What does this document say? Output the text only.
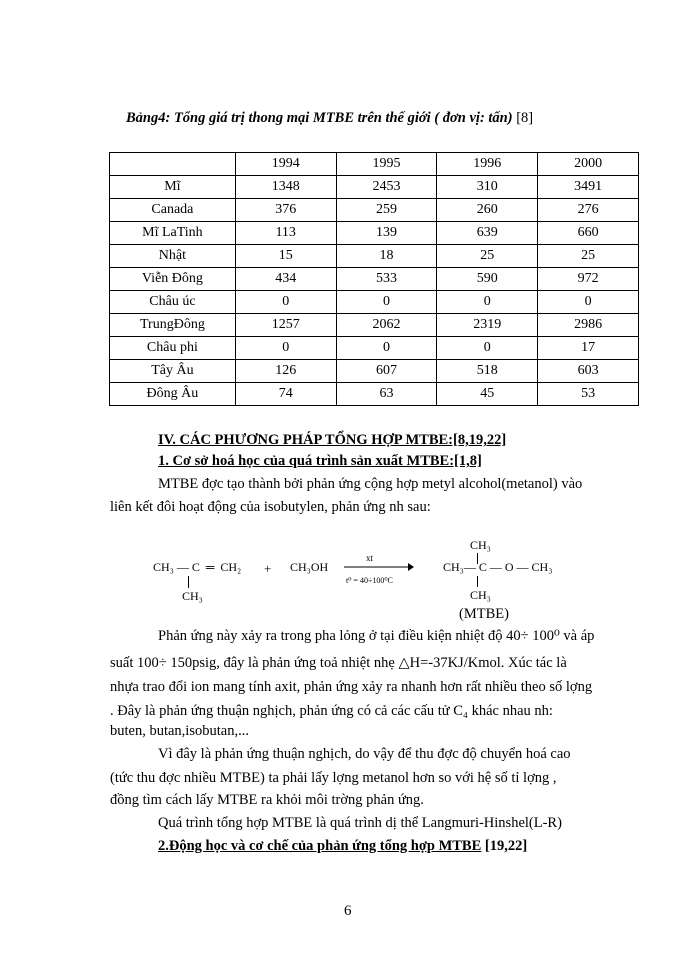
Bảng4: Tổng giá trị thong mại MTBE trên thế giới ( đơn vị: tấn) [8]
	1994	1995	1996	2000
Mĩ	1348	2453	310	3491
Canada	376	259	260	276
Mĩ LaTinh	113	139	639	660
Nhật	15	18	25	25
Viễn Đông	434	533	590	972
Châu úc	0	0	0	0
TrungĐông	1257	2062	2319	2986
Châu phi	0	0	0	17
Tây Âu	126	607	518	603
Đông Âu	74	63	45	53
IV. CÁC PHƯƠNG PHÁP TỔNG HỢP MTBE:[8,19,22]
1. Cơ sở hoá học của quá trình sản xuất MTBE:[1,8]
MTBE đợc tạo thành bởi phản ứng cộng hợp metyl alcohol(metanol) vào
liên kết đôi hoạt động của isobutylen, phản ứng nh sau:
CH₃ — C  ═  CH₂
CH₃
+ CH₃OH
xt
t⁰ = 40÷100⁰C
CH₃
CH₃— C — O — CH₃
CH₃
(MTBE)
Phản ứng này xảy ra trong pha lỏng ở tại điều kiện nhiệt độ 40÷ 100⁰ và áp
suất 100÷ 150psig, đây là phản ứng toả nhiệt nhẹ △H=-37KJ/Kmol. Xúc tác là
nhựa trao đổi ion mang tính axit, phản ứng xảy ra nhanh hơn rất nhiều theo số lợng
. Đây là phản ứng thuận nghịch, phản ứng có cả các cấu tử C₄ khác nhau nh:
buten, butan,isobutan,...
Vì đây là phản ứng thuận nghịch, do vậy để thu đợc độ chuyển hoá cao
(tức thu đợc nhiều MTBE) ta phải lấy lợng metanol hơn so với hệ số tỉ lợng ,
đồng tìm cách lấy MTBE ra khỏi môi trờng phản ứng.
Quá trình tổng hợp MTBE là quá trình dị thể Langmuri-Hinshel(L-R)
2.Động học và cơ chế của phản ứng tổng hợp MTBE [19,22]
6
